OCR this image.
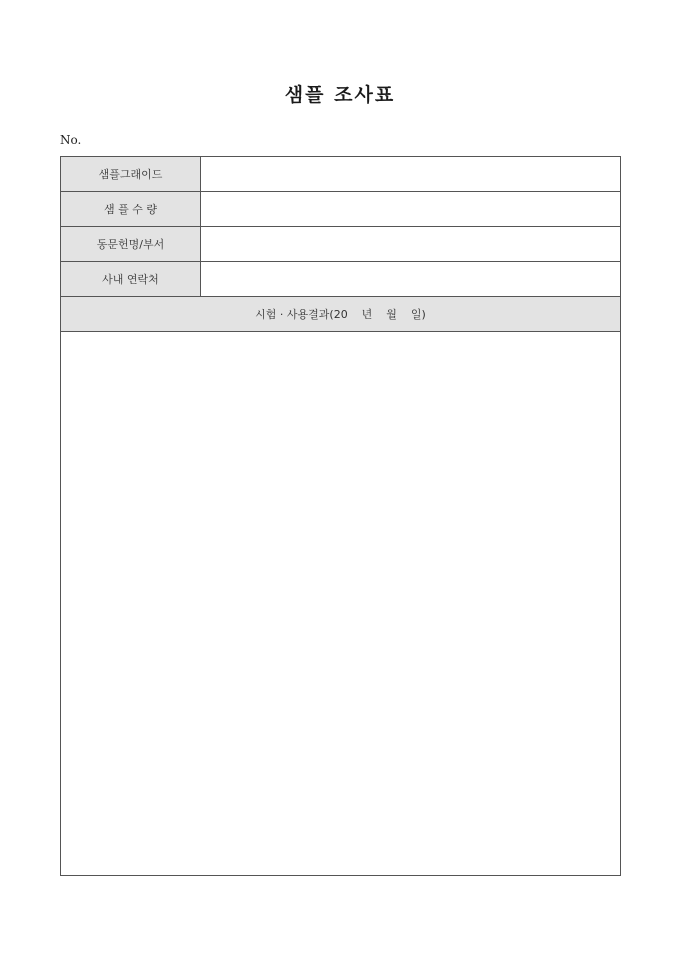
샘플 조사표
No.
샘플그래이드	
샘 플 수 량	
동문헌명/부서	
사내 연락처	
시험 · 사용결과(20    년    월    일)	
